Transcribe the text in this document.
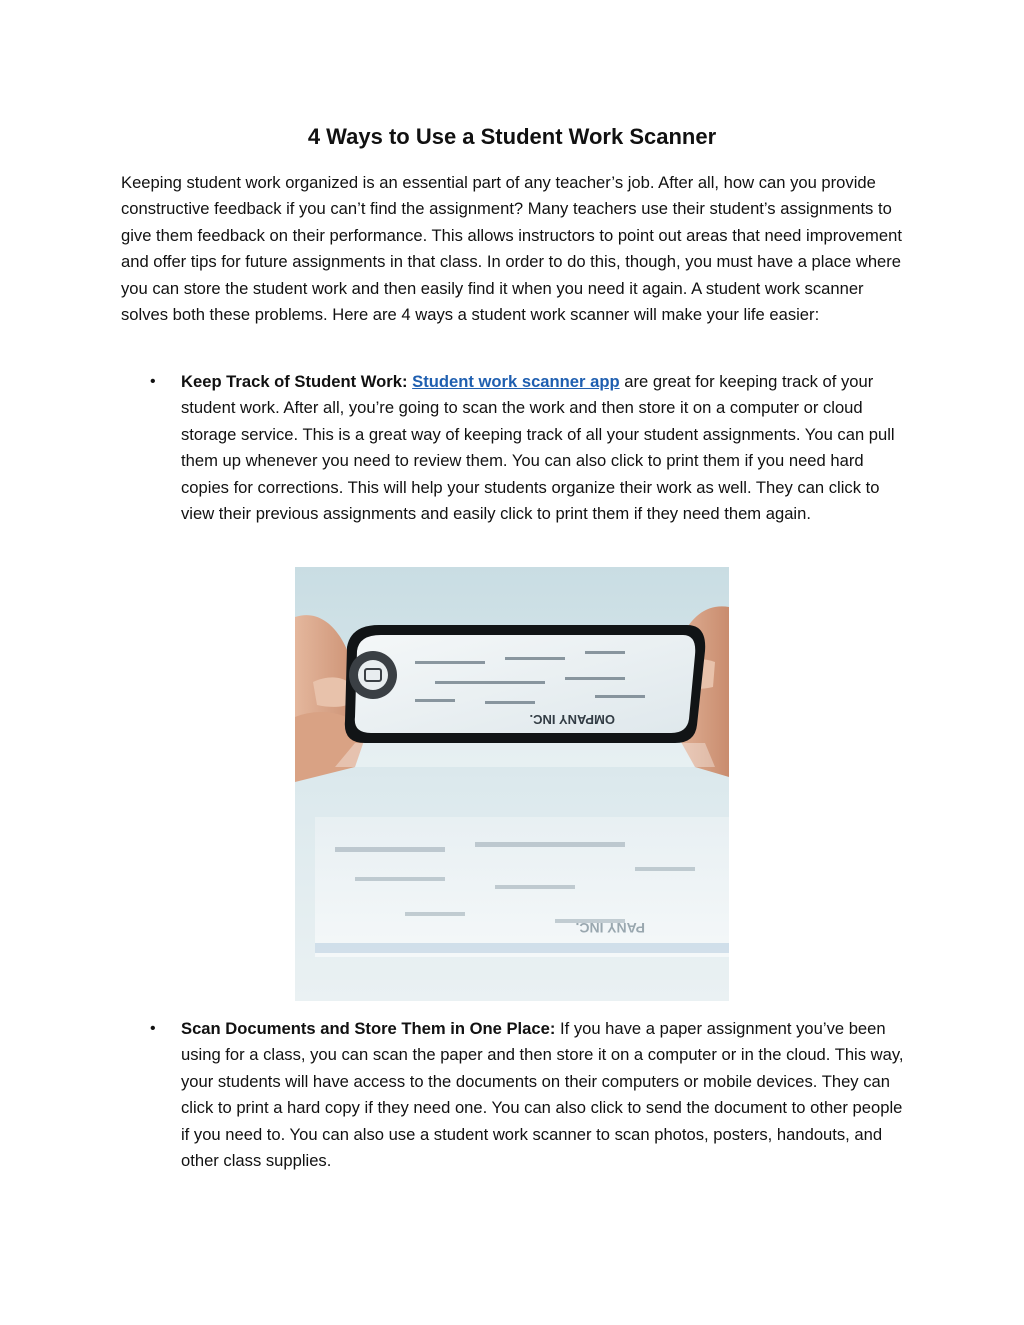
4 Ways to Use a Student Work Scanner

Keeping student work organized is an essential part of any teacher’s job. After all, how can you provide constructive feedback if you can’t find the assignment? Many teachers use their student’s assignments to give them feedback on their performance. This allows instructors to point out areas that need improvement and offer tips for future assignments in that class. In order to do this, though, you must have a place where you can store the student work and then easily find it when you need it again. A student work scanner solves both these problems. Here are 4 ways a student work scanner will make your life easier:

• Keep Track of Student Work: Student work scanner app are great for keeping track of your student work. After all, you’re going to scan the work and then store it on a computer or cloud storage service. This is a great way of keeping track of all your student assignments. You can pull them up whenever you need to review them. You can also click to print them if you need hard copies for corrections. This will help your students organize their work as well. They can click to view their previous assignments and easily click to print them if they need them again.
PANY INC.
OMPANY INC.
• Scan Documents and Store Them in One Place: If you have a paper assignment you’ve been using for a class, you can scan the paper and then store it on a computer or in the cloud. This way, your students will have access to the documents on their computers or mobile devices. They can click to print a hard copy if they need one. You can also click to send the document to other people if you need to. You can also use a student work scanner to scan photos, posters, handouts, and other class supplies.
